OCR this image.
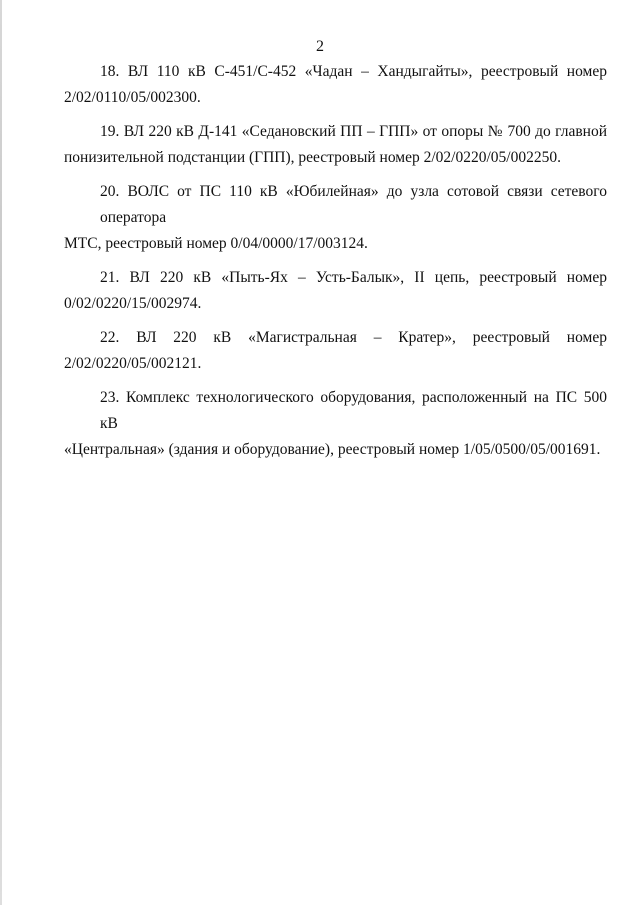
2

18. ВЛ 110 кВ С-451/С-452 «Чадан – Хандыгайты», реестровый номер
2/02/0110/05/002300.

19. ВЛ 220 кВ Д-141 «Седановский ПП – ГПП» от опоры № 700 до главной
понизительной подстанции (ГПП), реестровый номер 2/02/0220/05/002250.

20. ВОЛС от ПС 110 кВ «Юбилейная» до узла сотовой связи сетевого оператора
МТС, реестровый номер 0/04/0000/17/003124.

21. ВЛ 220 кВ «Пыть-Ях – Усть-Балык», II цепь, реестровый номер
0/02/0220/15/002974.

22. ВЛ 220 кВ «Магистральная – Кратер», реестровый номер
2/02/0220/05/002121.

23. Комплекс технологического оборудования, расположенный на ПС 500 кВ
«Центральная» (здания и оборудование), реестровый номер 1/05/0500/05/001691.
